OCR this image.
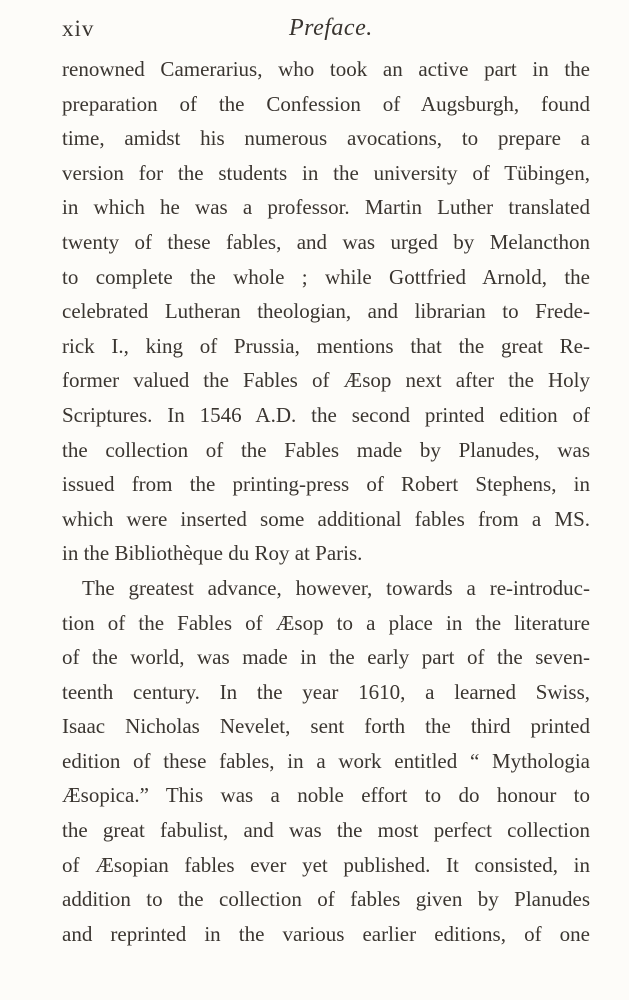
xiv	Preface.
renowned Camerarius, who took an active part in the
preparation of the Confession of Augsburgh, found
time, amidst his numerous avocations, to prepare a
version for the students in the university of Tübingen,
in which he was a professor. Martin Luther translated
twenty of these fables, and was urged by Melancthon
to complete the whole ; while Gottfried Arnold, the
celebrated Lutheran theologian, and librarian to Frede-
rick I., king of Prussia, mentions that the great Re-
former valued the Fables of Æsop next after the Holy
Scriptures. In 1546 A.D. the second printed edition of
the collection of the Fables made by Planudes, was
issued from the printing-press of Robert Stephens, in
which were inserted some additional fables from a MS.
in the Bibliothèque du Roy at Paris.
The greatest advance, however, towards a re-introduc-
tion of the Fables of Æsop to a place in the literature
of the world, was made in the early part of the seven-
teenth century. In the year 1610, a learned Swiss,
Isaac Nicholas Nevelet, sent forth the third printed
edition of these fables, in a work entitled “ Mythologia
Æsopica.” This was a noble effort to do honour to
the great fabulist, and was the most perfect collection
of Æsopian fables ever yet published. It consisted, in
addition to the collection of fables given by Planudes
and reprinted in the various earlier editions, of one
